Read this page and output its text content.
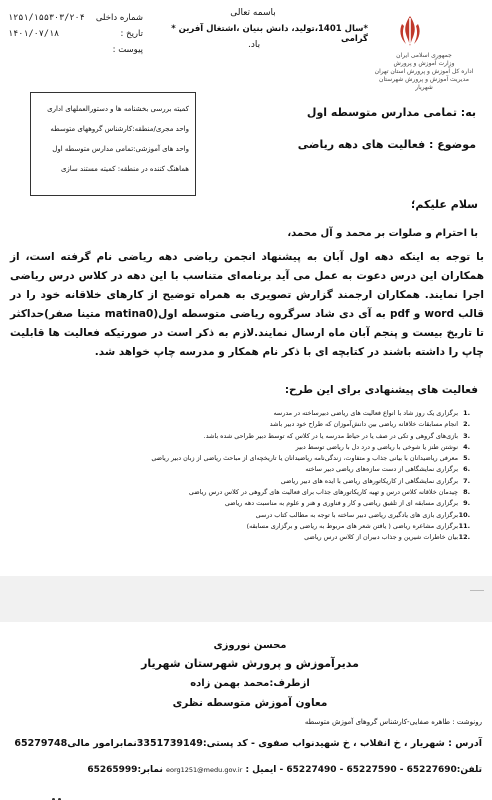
جمهوری اسلامی ایران
وزارت آموزش و پرورش
اداره کل آموزش و پرورش استان تهران
مدیریت آموزش و پرورش شهرستان شهریار
باسمه تعالی
*سال 1401،تولید، دانش بنیان ،اشتغال آفرین * گرامی
باد.
شماره داخلی
۱۲۵۱/۱۵۵۳۰۳/۲۰۴
تاریخ :
۱۴۰۱/۰۷/۱۸
پیوست :
کمیته بررسی بخشنامه ها و دستورالعملهای اداری
واحد مجری/منطقه:کارشناس گروههای متوسطه
واحد های آموزشی:تمامی مدارس متوسطه اول
هماهنگ کننده در منطقه: کمیته مستند سازی
به: تمامی مدارس متوسطه اول
موضوع : فعالیت های دهه ریاضی
سلام علیکم؛
با احترام و صلوات بر محمد و آل محمد،
با توجه به اینکه دهه اول آبان به پیشنهاد انجمن ریاضی دهه ریاضی نام گرفته است، از همکاران این درس دعوت به عمل می آید برنامه‌ای متناسب با این دهه در کلاس درس ریاضی اجرا نمایند. همکاران ارجمند گزارش تصویری به همراه توضیح از کارهای خلاقانه خود را در قالب word و pdf به آی دی شاد سرگروه ریاضی متوسطه اول(matina0 متینا صفر)حداکثر تا تاریخ بیست و پنجم آبان ماه ارسال نمایند.لازم به ذکر است در صورتیکه فعالیت ها قابلیت چاپ را داشته باشند در کتابچه ای با ذکر نام همکار و مدرسه چاپ خواهد شد.
فعالیت های پیشنهادی برای این طرح:
.1برگزاری یک روز شاد با انواع فعالیت های ریاضی دبیرساخته در مدرسه
.2انجام مسابقات خلاقانه ریاضی بین دانش‌آموزان که طراح خود دبیر باشد
.3بازی‌های گروهی و تکی در صف یا در حیاط مدرسه یا در کلاس که توسط دبیر طراحی شده باشد.
.4نوشتن طنز یا شوخی با ریاضی و درد دل با ریاضی توسط دبیر
.5معرفی ریاضیدانان با بیانی جذاب و متفاوت، زندگی‌نامه ریاضیدانان یا تاریخچه‌ای از مباحث ریاضی از زبان دبیر ریاضی
.6برگزاری نمایشگاهی از دست سازه‌های ریاضی دبیر ساخته
.7برگزاری نمایشگاهی از کاریکاتورهای ریاضی با ایده های دبیر ریاضی
.8چیدمان خلاقانه کلاس درس و تهیه کاریکاتورهای جذاب برای فعالیت های گروهی در کلاس درس ریاضی
.9برگزاری مسابقه ای از تلفیق ریاضی و کار و فناوری و هنر و علوم به مناسبت دهه ریاضی
.10برگزاری بازی های یادگیری ریاضی دبیر ساخته با توجه به مطالب کتاب درسی
.11برگزاری مشاعره ریاضی ( یافتن شعر های مربوط به ریاضی و برگزاری مسابقه)
.12بیان خاطرات شیرین و جذاب دبیران از کلاس درس ریاضی
محسن نوروزی
مدیرآموزش و پرورش شهرستان شهریار
ازطرف:محمد بهمن زاده
معاون آموزش متوسطه نظری
رونوشت : طاهره صفایی-کارشناس گروهای آموزش متوسطه
آدرس : شهریار ، خ انقلاب ، خ شهیدنواب صفوی - کد پستی:3351739149نمابرامور مالی65279748
تلفن:65227690 - 65227590 - 65227490 - ایمیل : eorg1251@medu.gov.ir نمابر:65265999
